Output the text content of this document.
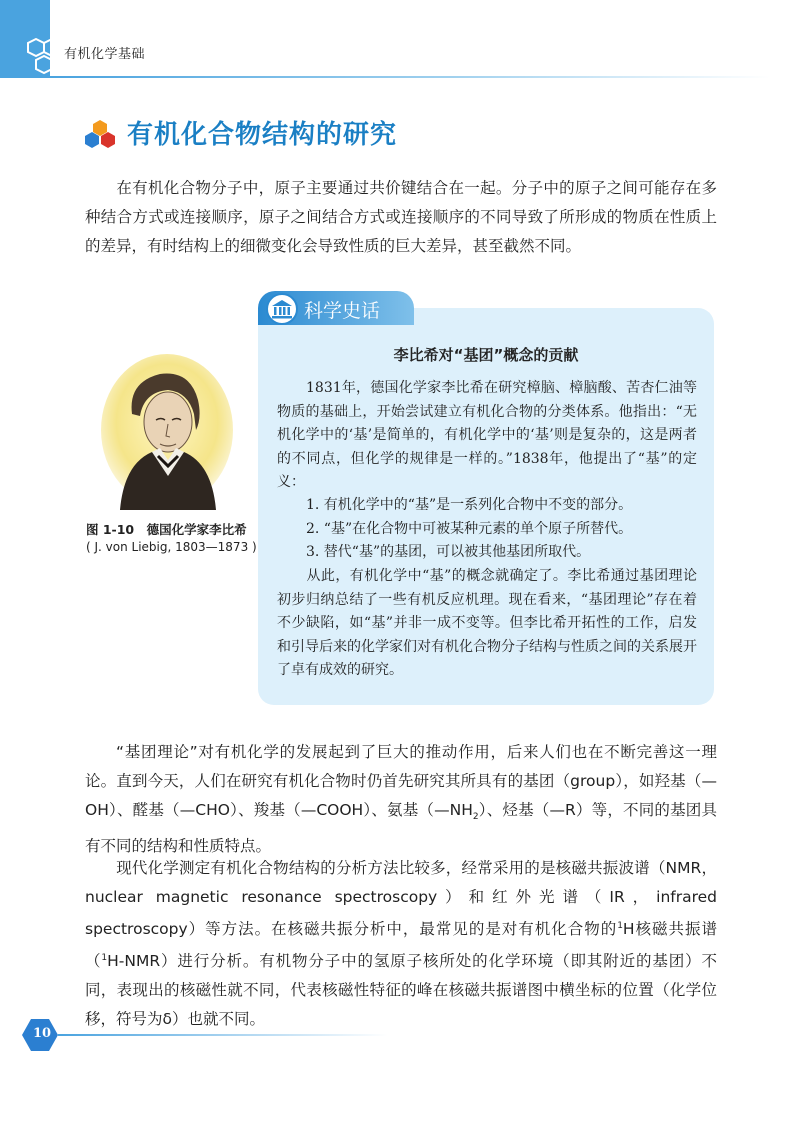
有机化学基础
有机化合物结构的研究

在有机化合物分子中，原子主要通过共价键结合在一起。分子中的原子之间可能存在多种结合方式或连接顺序，原子之间结合方式或连接顺序的不同导致了所形成的物质在性质上的差异，有时结构上的细微变化会导致性质的巨大差异，甚至截然不同。

图 1-10　德国化学家李比希
( J. von Liebig, 1803—1873 )
科学史话
李比希对“基团”概念的贡献

1831年，德国化学家李比希在研究樟脑、樟脑酸、苦杏仁油等物质的基础上，开始尝试建立有机化合物的分类体系。他指出：“无机化学中的‘基’是简单的，有机化学中的‘基’则是复杂的，这是两者的不同点，但化学的规律是一样的。”1838年，他提出了“基”的定义：

1. 有机化学中的“基”是一系列化合物中不变的部分。
2. “基”在化合物中可被某种元素的单个原子所替代。
3. 替代“基”的基团，可以被其他基团所取代。

从此，有机化学中“基”的概念就确定了。李比希通过基团理论初步归纳总结了一些有机反应机理。现在看来，“基团理论”存在着不少缺陷，如“基”并非一成不变等。但李比希开拓性的工作，启发和引导后来的化学家们对有机化合物分子结构与性质之间的关系展开了卓有成效的研究。

“基团理论”对有机化学的发展起到了巨大的推动作用，后来人们也在不断完善这一理论。直到今天，人们在研究有机化合物时仍首先研究其所具有的基团（group），如羟基（—OH）、醛基（—CHO）、羧基（—COOH）、氨基$(—NH_2)$、烃基（—R）等，不同的基团具有不同的结构和性质特点。

现代化学测定有机化合物结构的分析方法比较多，经常采用的是核磁共振波谱（NMR，nuclear magnetic resonance spectroscopy）和红外光谱（IR，infrared spectroscopy）等方法。在核磁共振分析中，最常见的是对有机化合物的$^1$H核磁共振谱（$^1$H-NMR）进行分析。有机物分子中的氢原子核所处的化学环境（即其附近的基团）不同，表现出的核磁性就不同，代表核磁性特征的峰在核磁共振谱图中横坐标的位置（化学位移，符号为δ）也就不同。

10
